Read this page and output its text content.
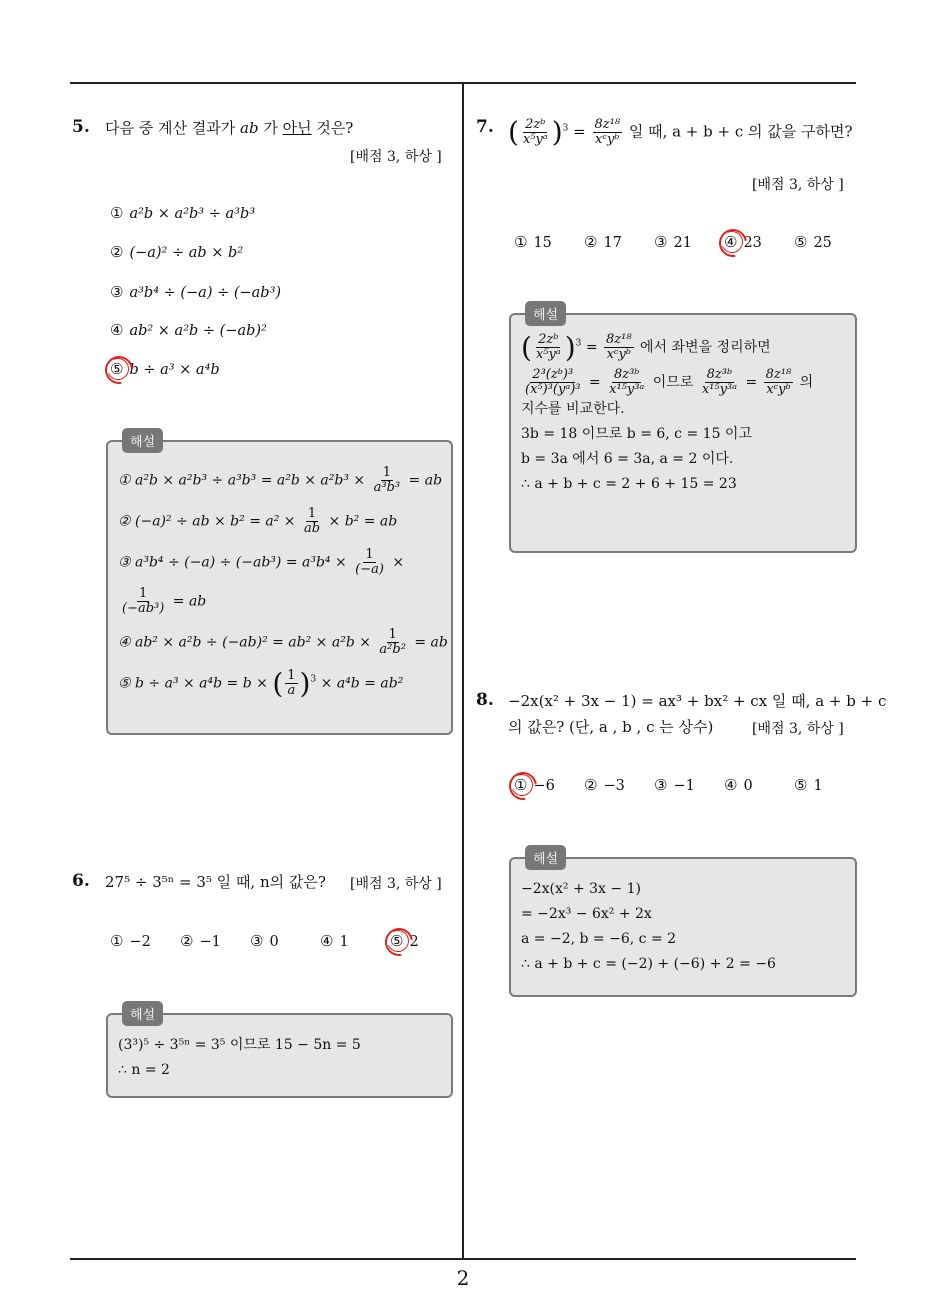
5. 다음 중 계산 결과가 ab 가 아닌 것은?
[배점 3, 하상 ]
① a²b × a²b³ ÷ a³b³
② (−a)² ÷ ab × b²
③ a³b⁴ ÷ (−a) ÷ (−ab³)
④ ab² × a²b ÷ (−ab)²
⑤ b ÷ a³ × a⁴b
해설
① $a^2b \times a^2b^3 \div a^3b^3 = a^2b \times a^2b^3 \times \frac{1}{\text{a³b³}}$ = ab
② (−a)² ÷ ab × $b^2 = a^2 \times \frac{1}{ab} \times b^2$ = ab
③ $a^3b^4 \div (-a) \div (-ab^3) = a^3b^4 \times \frac{1}{(-a)}$ ×
$\frac{1}{\text{(−ab³)}}$ = ab
④ $ab^2 \times a^2b \div (-ab)^2 = ab^2 \times a^2b \times \frac{1}{\text{a²b²}}$ = ab
⑤ b ÷ a³ × a⁴b = b × ( $\frac{1}{a} )^3 \times a^4b = ab^2$
6. 27⁵ ÷ 3⁵ⁿ = 3⁵ 일 때, n의 값은? [배점 3, 하상 ]
① −2 ② −1 ③ 0	④ 1	⑤ 2
해설
(3³)⁵ ÷ 3⁵ⁿ = 3⁵ 이므로 15 − 5n = 5
∴ n = 2
7. ( $\frac{\text{2zᵇ}}{\text{x⁵yᵃ}} )^3 = \frac{\text{8z¹⁸}}{\text{xᶜyᵇ}}$ 일 때, a + b + c 의 값을 구하면?
[배점 3, 하상 ]
① 15 ② 17 ③ 21 ④ 23 ⑤ 25
해설
( $\frac{\text{2zᵇ}}{\text{x⁵yᵃ}} )^3 = \frac{\text{8z¹⁸}}{\text{xᶜyᵇ}}$ 에서 좌변을 정리하면
$\frac{\text{2³(zᵇ)³}}{\text{(x⁵)³(yᵃ)³}} = \frac{\text{8z³ᵇ}}{\text{x¹⁵y³ᵃ}}$ 이므로 $\frac{\text{8z³ᵇ}}{\text{x¹⁵y³ᵃ}} = \frac{\text{8z¹⁸}}{\text{xᶜyᵇ}}$ 의
지수를 비교한다.
3b = 18 이므로 b = 6, c = 15 이고
b = 3a 에서 6 = 3a, a = 2 이다.
∴ a + b + c = 2 + 6 + 15 = 23
8. −2x(x² + 3x − 1) = ax³ + bx² + cx 일 때, a + b + c
의 값은? (단, a , b , c 는 상수)	[배점 3, 하상 ]
① −6 ② −3 ③ −1 ④ 0	⑤ 1
해설
−2x(x² + 3x − 1)
= −2x³ − 6x² + 2x
a = −2, b = −6, c = 2
∴ a + b + c = (−2) + (−6) + 2 = −6
2
